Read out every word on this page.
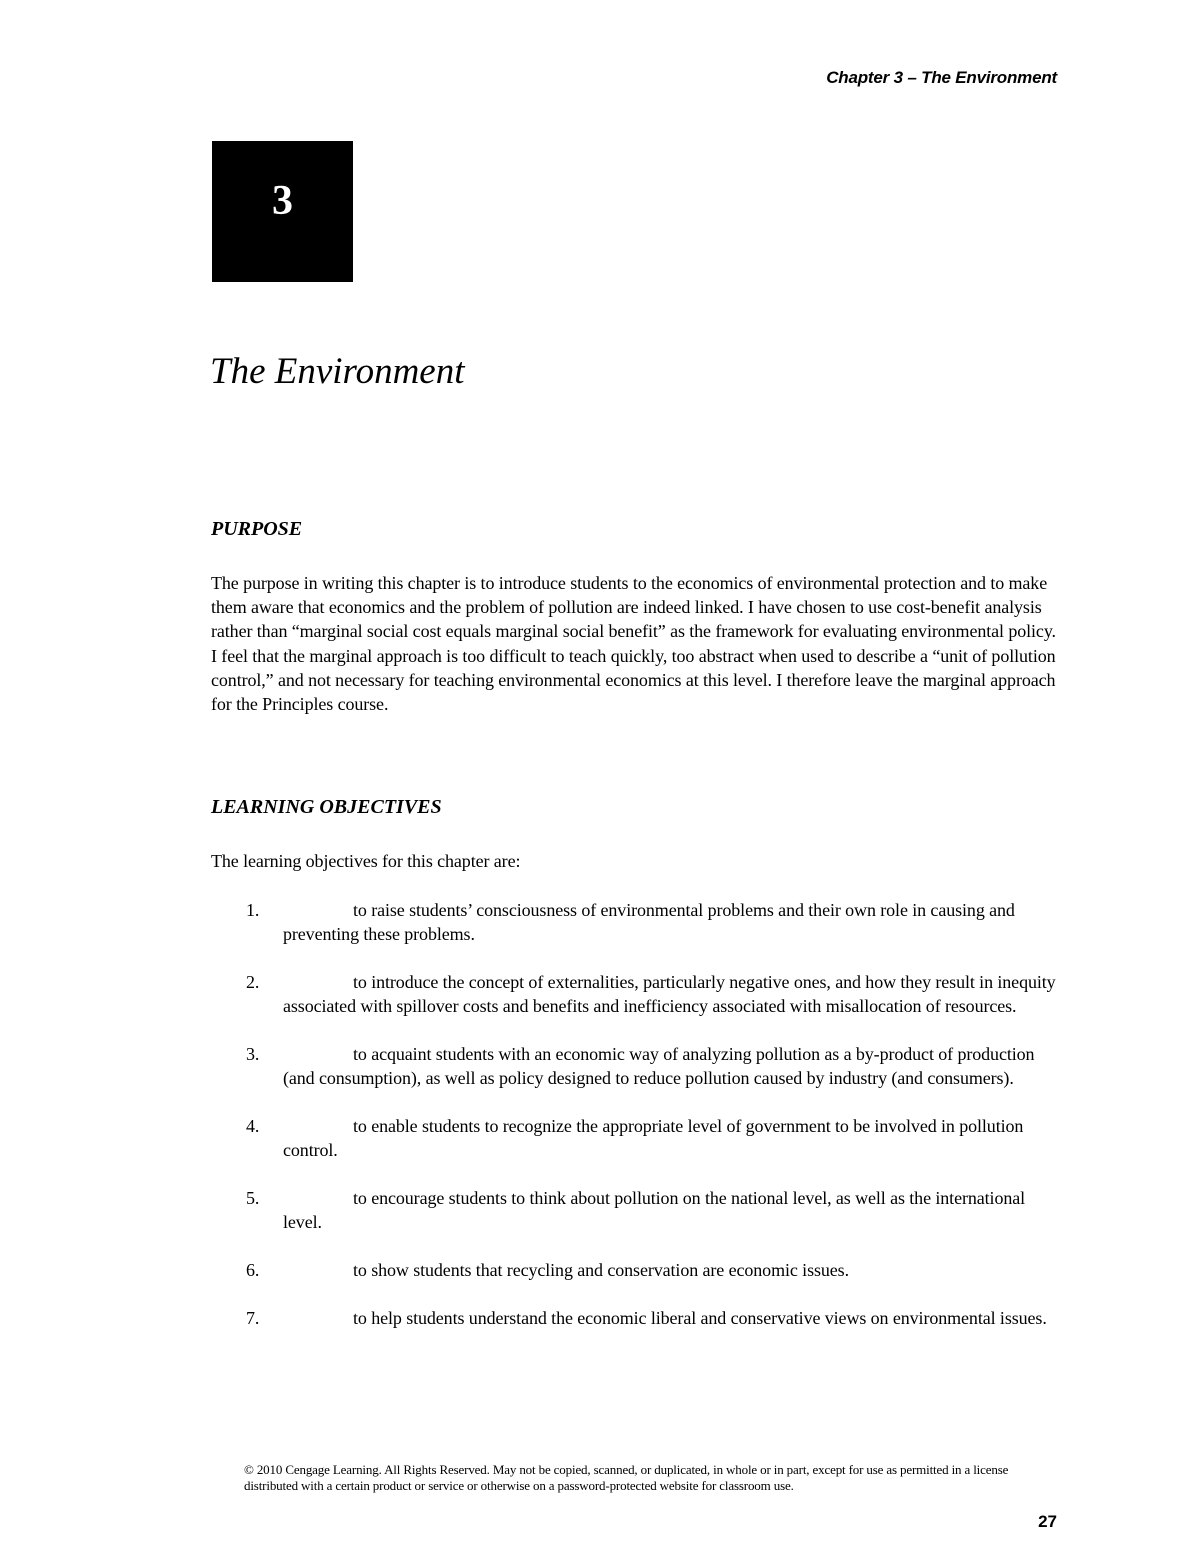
Chapter 3 – The Environment
3
The Environment
PURPOSE

The purpose in writing this chapter is to introduce students to the economics of environmental protection and to make them aware that economics and the problem of pollution are indeed linked. I have chosen to use cost-benefit analysis rather than “marginal social cost equals marginal social benefit” as the framework for evaluating environmental policy. I feel that the marginal approach is too difficult to teach quickly, too abstract when used to describe a “unit of pollution control,” and not necessary for teaching environmental economics at this level. I therefore leave the marginal approach for the Principles course.

LEARNING OBJECTIVES

The learning objectives for this chapter are:

1.	to raise students’ consciousness of environmental problems and their own role in causing and preventing these problems.
2.	to introduce the concept of externalities, particularly negative ones, and how they result in inequity associated with spillover costs and benefits and inefficiency associated with misallocation of resources.
3.	to acquaint students with an economic way of analyzing pollution as a by-product of production (and consumption), as well as policy designed to reduce pollution caused by industry (and consumers).
4.	to enable students to recognize the appropriate level of government to be involved in pollution control.
5.	to encourage students to think about pollution on the national level, as well as the international level.
6.	to show students that recycling and conservation are economic issues.
7.	to help students understand the economic liberal and conservative views on environmental issues.

© 2010 Cengage Learning. All Rights Reserved. May not be copied, scanned, or duplicated, in whole or in part, except for use as permitted in a license distributed with a certain product or service or otherwise on a password-protected website for classroom use.

27
